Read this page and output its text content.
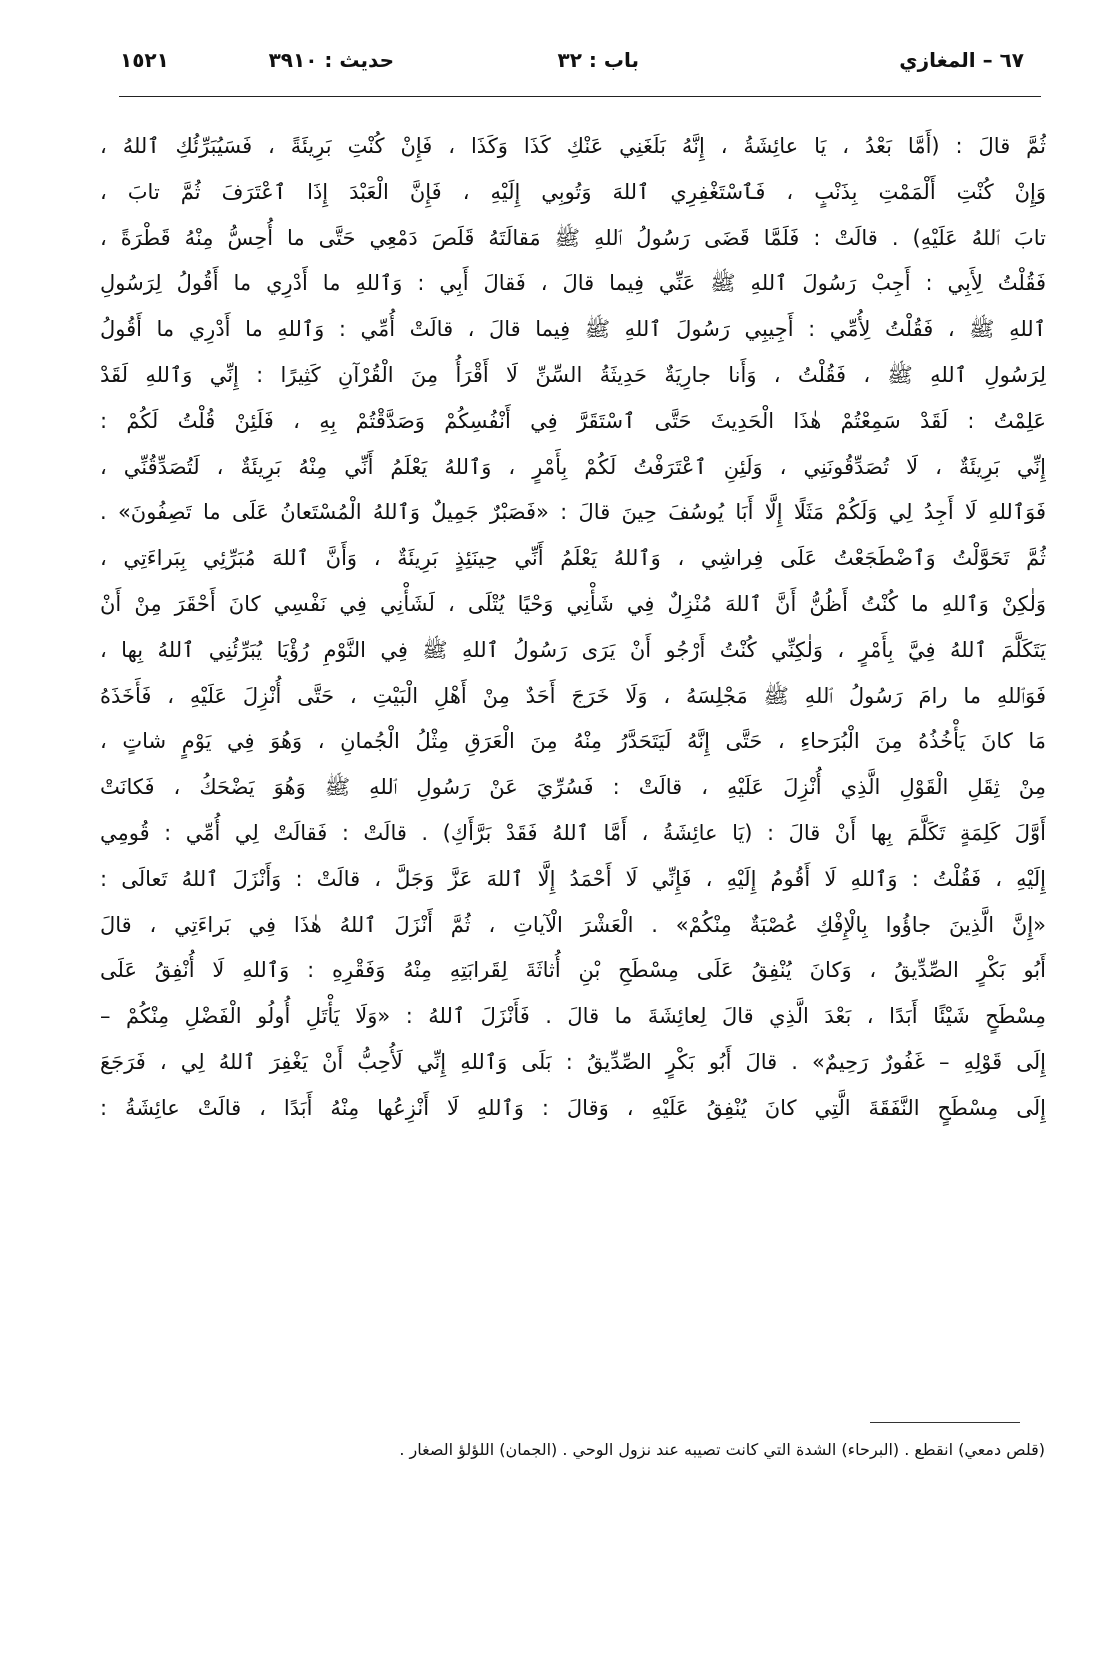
٦٧ – المغازي
باب : ٣٢
حديث : ٣٩١٠
١٥٢١
ثُمَّ قالَ : (أَمَّا بَعْدُ ، يَا عائِشَةُ ، إِنَّهُ بَلَغَنِي عَنْكِ كَذَا وَكَذَا ، فَإِنْ كُنْتِ بَرِيئَةً ، فَسَيُبَرِّئُكِ ٱللهُ ،
وَإِنْ كُنْتِ أَلْمَمْتِ بِذَنْبٍ ، فَٱسْتَغْفِرِي ٱللهَ وَتُوبِي إِلَيْهِ ، فَإِنَّ الْعَبْدَ إِذَا ٱعْتَرَفَ ثُمَّ تابَ ،
تابَ ٱللهُ عَلَيْهِ) . قالَتْ : فَلَمَّا قَضَى رَسُولُ ٱللهِ ﷺ مَقالَتَهُ قَلَصَ دَمْعِي حَتَّى ما أُحِسُّ مِنْهُ قَطْرَةً ،
فَقُلْتُ لِأَبِي : أَجِبْ رَسُولَ ٱللهِ ﷺ عَنِّي فِيما قالَ ، فَقالَ أَبِي : وَٱللهِ ما أَدْرِي ما أَقُولُ لِرَسُولِ
ٱللهِ ﷺ ، فَقُلْتُ لِأُمِّي : أَجِيبِي رَسُولَ ٱللهِ ﷺ فِيما قالَ ، قالَتْ أُمِّي : وَٱللهِ ما أَدْرِي ما أَقُولُ
لِرَسُولِ ٱللهِ ﷺ ، فَقُلْتُ ، وَأَنا جارِيَةٌ حَدِيثَةُ السِّنِّ لَا أَقْرَأُ مِنَ الْقُرْآنِ كَثِيرًا : إِنِّي وَٱللهِ لَقَدْ
عَلِمْتُ : لَقَدْ سَمِعْتُمْ هٰذَا الْحَدِيثَ حَتَّى ٱسْتَقَرَّ فِي أَنْفُسِكُمْ وَصَدَّقْتُمْ بِهِ ، فَلَئِنْ قُلْتُ لَكُمْ :
إِنِّي بَرِيئَةٌ ، لَا تُصَدِّقُونَنِي ، وَلَئِنِ ٱعْتَرَفْتُ لَكُمْ بِأَمْرٍ ، وَٱللهُ يَعْلَمُ أَنِّي مِنْهُ بَرِيئَةٌ ، لَتُصَدِّقُنِّي ،
فَوَٱللهِ لَا أَجِدُ لِي وَلَكُمْ مَثَلًا إِلَّا أَبَا يُوسُفَ حِينَ قالَ : «فَصَبْرٌ جَمِيلٌ وَٱللهُ الْمُسْتَعانُ عَلَى ما تَصِفُونَ» .
ثُمَّ تَحَوَّلْتُ وَٱضْطَجَعْتُ عَلَى فِراشِي ، وَٱللهُ يَعْلَمُ أَنِّي حِينَئِذٍ بَرِيئَةٌ ، وَأَنَّ ٱللهَ مُبَرِّئِي بِبَراءَتِي ،
وَلٰكِنْ وَٱللهِ ما كُنْتُ أَظُنُّ أَنَّ ٱللهَ مُنْزِلٌ فِي شَأْنِي وَحْيًا يُتْلَى ، لَشَأْنِي فِي نَفْسِي كانَ أَحْقَرَ مِنْ أَنْ
يَتَكَلَّمَ ٱللهُ فِيَّ بِأَمْرٍ ، وَلٰكِنِّي كُنْتُ أَرْجُو أَنْ يَرَى رَسُولُ ٱللهِ ﷺ فِي النَّوْمِ رُؤْيَا يُبَرِّئُنِي ٱللهُ بِها ،
فَوَٱللهِ ما رامَ رَسُولُ ٱللهِ ﷺ مَجْلِسَهُ ، وَلَا خَرَجَ أَحَدٌ مِنْ أَهْلِ الْبَيْتِ ، حَتَّى أُنْزِلَ عَلَيْهِ ، فَأَخَذَهُ
مَا كانَ يَأْخُذُهُ مِنَ الْبُرَحاءِ ، حَتَّى إِنَّهُ لَيَتَحَدَّرُ مِنْهُ مِنَ الْعَرَقِ مِثْلُ الْجُمانِ ، وَهُوَ فِي يَوْمٍ شاتٍ ،
مِنْ ثِقَلِ الْقَوْلِ الَّذِي أُنْزِلَ عَلَيْهِ ، قالَتْ : فَسُرِّيَ عَنْ رَسُولِ ٱللهِ ﷺ وَهُوَ يَضْحَكُ ، فَكانَتْ
أَوَّلَ كَلِمَةٍ تَكَلَّمَ بِها أَنْ قالَ : (يَا عائِشَةُ ، أَمَّا ٱللهُ فَقَدْ بَرَّأَكِ) . قالَتْ : فَقالَتْ لِي أُمِّي : قُومِي
إِلَيْهِ ، فَقُلْتُ : وَٱللهِ لَا أَقُومُ إِلَيْهِ ، فَإِنِّي لَا أَحْمَدُ إِلَّا ٱللهَ عَزَّ وَجَلَّ ، قالَتْ : وَأَنْزَلَ ٱللهُ تَعالَى :
«إِنَّ الَّذِينَ جاؤُوا بِالْإِفْكِ عُصْبَةٌ مِنْكُمْ» . الْعَشْرَ الْآياتِ ، ثُمَّ أَنْزَلَ ٱللهُ هٰذَا فِي بَراءَتِي ، قالَ
أَبُو بَكْرٍ الصِّدِّيقُ ، وَكانَ يُنْفِقُ عَلَى مِسْطَحِ بْنِ أُثاثَةَ لِقَرابَتِهِ مِنْهُ وَفَقْرِهِ : وَٱللهِ لَا أُنْفِقُ عَلَى
مِسْطَحٍ شَيْئًا أَبَدًا ، بَعْدَ الَّذِي قالَ لِعائِشَةَ ما قالَ . فَأَنْزَلَ ٱللهُ : «وَلَا يَأْتَلِ أُولُو الْفَضْلِ مِنْكُمْ –
إِلَى قَوْلِهِ – غَفُورٌ رَحِيمٌ» . قالَ أَبُو بَكْرٍ الصِّدِّيقُ : بَلَى وَٱللهِ إِنِّي لَأُحِبُّ أَنْ يَغْفِرَ ٱللهُ لِي ، فَرَجَعَ
إِلَى مِسْطَحٍ النَّفَقَةَ الَّتِي كانَ يُنْفِقُ عَلَيْهِ ، وَقالَ : وَٱللهِ لَا أَنْزِعُها مِنْهُ أَبَدًا ، قالَتْ عائِشَةُ :
(قلص دمعي) انقطع . (البرحاء) الشدة التي كانت تصيبه عند نزول الوحي . (الجمان) اللؤلؤ الصغار .
